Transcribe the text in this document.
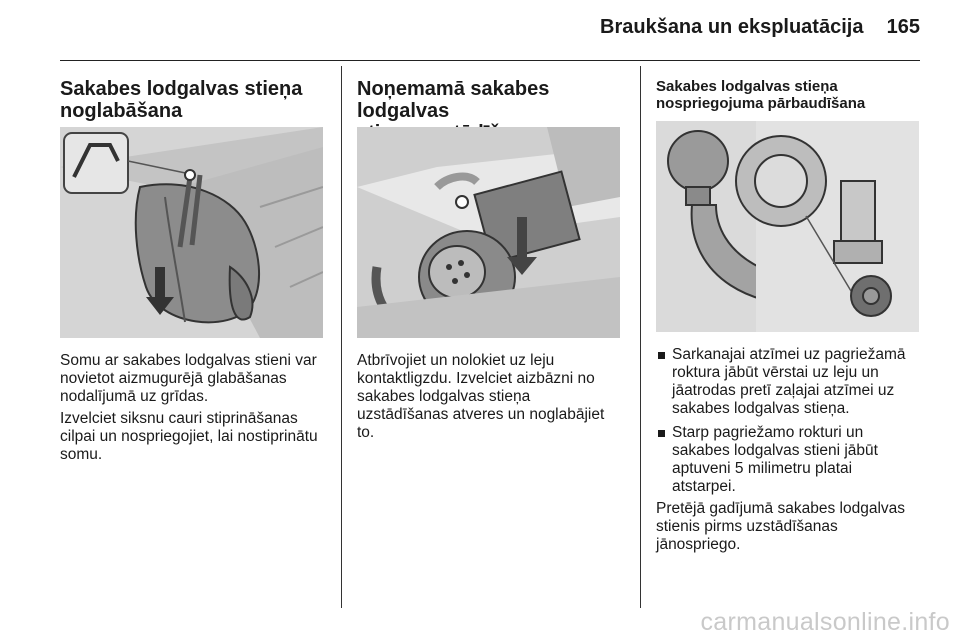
Braukšana un ekspluatācija	165
Sakabes lodgalvas stieņa
noglabāšana

Somu ar sakabes lodgalvas stieni var
novietot aizmugurējā glabāšanas
nodalījumā uz grīdas.

Izvelciet siksnu cauri stiprināšanas
cilpai un nospriegojiet, lai nostiprinātu
somu.

Noņemamā sakabes lodgalvas

Atbrīvojiet un nolokiet uz leju
kontaktligzdu. Izvelciet aizbāzni no
sakabes lodgalvas stieņa
uzstādīšanas atveres un noglabājiet
to.

Sakabes lodgalvas stieņa
nospriegojuma pārbaudīšana
Sarkanajai atzīmei uz pagriežamā
roktura jābūt vērstai uz leju un
jāatrodas pretī zaļajai atzīmei uz
sakabes lodgalvas stieņa.
Starp pagriežamo rokturi un
sakabes lodgalvas stieni jābūt
aptuveni 5 milimetru platai
atstarpei.

Pretējā gadījumā sakabes lodgalvas
stienis pirms uzstādīšanas
jānospriego.

carmanualsonline.info
